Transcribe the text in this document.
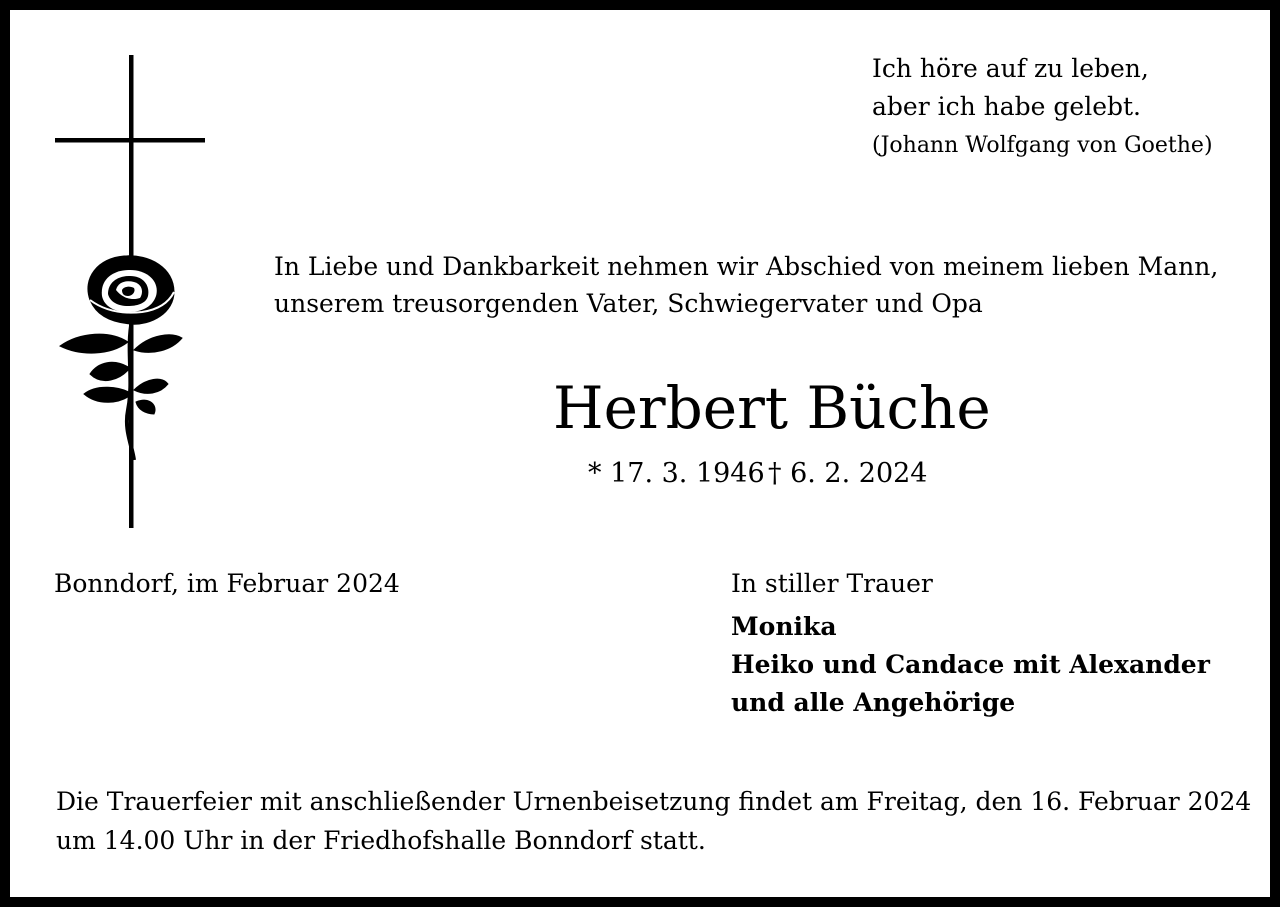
Ich höre auf zu leben,
aber ich habe gelebt.
(Johann Wolfgang von Goethe)
In Liebe und Dankbarkeit nehmen wir Abschied von meinem lieben Mann,
unserem treusorgenden Vater, Schwiegervater und Opa
Herbert Büche
* 17. 3. 1946 † 6. 2. 2024
Bonndorf, im Februar 2024	In stiller Trauer
Monika
Heiko und Candace mit Alexander
und alle Angehörige
Die Trauerfeier mit anschließender Urnenbeisetzung findet am Freitag, den 16. Februar 2024
um 14.00 Uhr in der Friedhofshalle Bonndorf statt.
